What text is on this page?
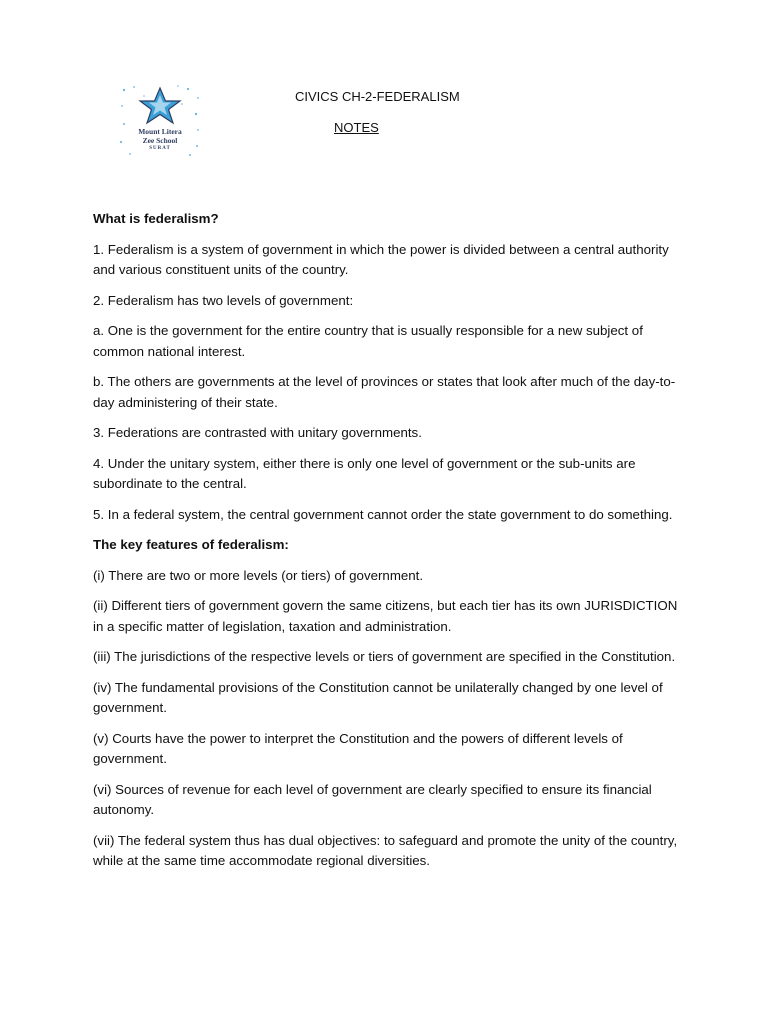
Mount Litera
Zee School
SURAT
CIVICS CH-2-FEDERALISM
NOTES

What is federalism?

1. Federalism is a system of government in which the power is divided between a central authority and various constituent units of the country.

2. Federalism has two levels of government:

a. One is the government for the entire country that is usually responsible for a new subject of common national interest.

b. The others are governments at the level of provinces or states that look after much of the day-to-day administering of their state.

3. Federations are contrasted with unitary governments.

4. Under the unitary system, either there is only one level of government or the sub-units are subordinate to the central.

5. In a federal system, the central government cannot order the state government to do something.

The key features of federalism:

(i) There are two or more levels (or tiers) of government.

(ii) Different tiers of government govern the same citizens, but each tier has its own JURISDICTION in a specific matter of legislation, taxation and administration.

(iii) The jurisdictions of the respective levels or tiers of government are specified in the Constitution.

(iv) The fundamental provisions of the Constitution cannot be unilaterally changed by one level of government.

(v) Courts have the power to interpret the Constitution and the powers of different levels of government.

(vi) Sources of revenue for each level of government are clearly specified to ensure its financial autonomy.

(vii) The federal system thus has dual objectives: to safeguard and promote the unity of the country, while at the same time accommodate regional diversities.
